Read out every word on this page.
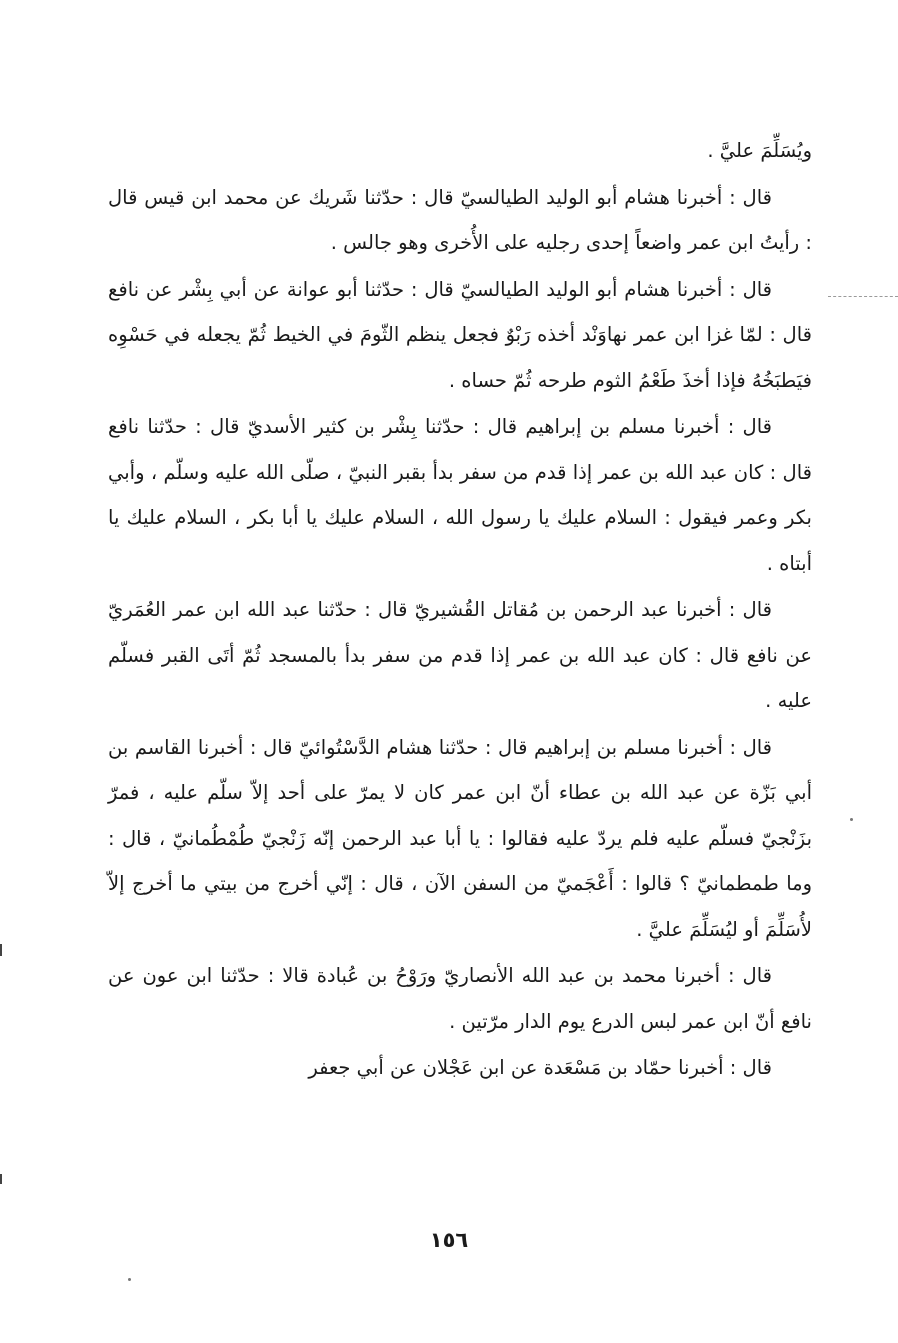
ويُسَلِّمَ عليَّ .

قال : أخبرنا هشام أبو الوليد الطيالسيّ قال : حدّثنا شَريك عن محمد ابن قيس قال : رأيتُ ابن عمر واضعاً إحدى رجليه على الأُخرى وهو جالس .

قال : أخبرنا هشام أبو الوليد الطيالسيّ قال : حدّثنا أبو عوانة عن أبي بِشْر عن نافع قال : لمّا غزا ابن عمر نهاوَنْد أخذه رَبْوٌ فجعل ينظم الثّومَ في الخيط ثُمّ يجعله في حَسْوِه فيَطبَخُهُ فإذا أخذَ طَعْمُ الثوم طرحه ثُمّ حساه .

قال : أخبرنا مسلم بن إبراهيم قال : حدّثنا بِشْر بن كثير الأسديّ قال : حدّثنا نافع قال : كان عبد الله بن عمر إذا قدم من سفر بدأ بقبر النبيّ ، صلّى الله عليه وسلّم ، وأبي بكر وعمر فيقول : السلام عليك يا رسول الله ، السلام عليك يا أبا بكر ، السلام عليك يا أبتاه .

قال : أخبرنا عبد الرحمن بن مُقاتل القُشيريّ قال : حدّثنا عبد الله ابن عمر العُمَريّ عن نافع قال : كان عبد الله بن عمر إذا قدم من سفر بدأ بالمسجد ثُمّ أتَى القبر فسلّم عليه .

قال : أخبرنا مسلم بن إبراهيم قال : حدّثنا هشام الدَّسْتُوائيّ قال : أخبرنا القاسم بن أبي بَزّة عن عبد الله بن عطاء أنّ ابن عمر كان لا يمرّ على أحد إلاّ سلّم عليه ، فمرّ بزَنْجيّ فسلّم عليه فلم يردّ عليه فقالوا : يا أبا عبد الرحمن إنّه زَنْجيّ طُمْطُمانيّ ، قال : وما طمطمانيّ ؟ قالوا : أَعْجَميّ من السفن الآن ، قال : إنّي أخرج من بيتي ما أخرج إلاّ لأُسَلِّمَ أو ليُسَلِّمَ عليَّ .

قال : أخبرنا محمد بن عبد الله الأنصاريّ ورَوْحُ بن عُبادة قالا : حدّثنا ابن عون عن نافع أنّ ابن عمر لبس الدرع يوم الدار مرّتين .

قال : أخبرنا حمّاد بن مَسْعَدة عن ابن عَجْلان عن أبي جعفر

١٥٦
